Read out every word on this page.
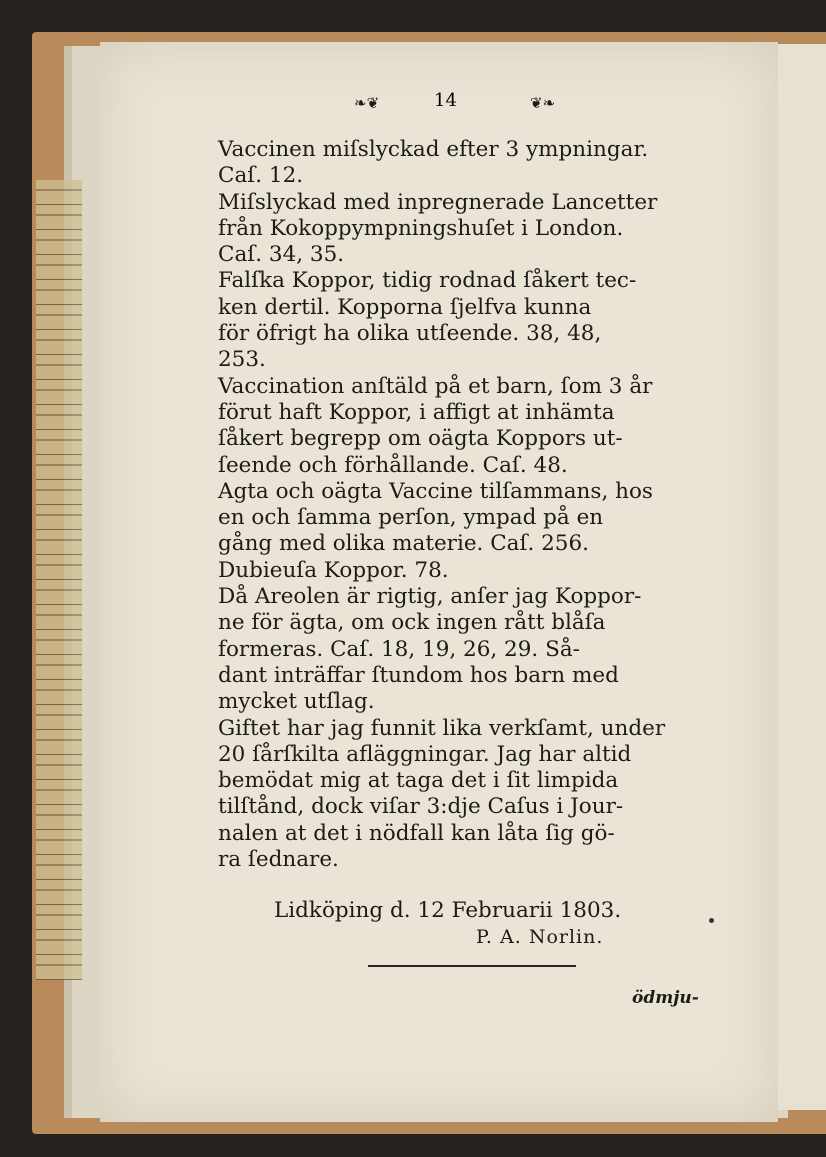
❧❦	14	❦❧
Vaccinen miſslyckad efter 3 ympningar.
Caſ. 12.
Miſslyckad med inpregnerade Lancetter
från Kokoppympningshuſet i London.
Caſ. 34, 35.
Falſka Koppor, tidig rodnad ſåkert tec-
ken dertil. Kopporna ſjelfva kunna
för öfrigt ha olika utſeende. 38, 48,
253.
Vaccination anſtäld på et barn, ſom 3 år
förut haft Koppor, i affigt at inhämta
ſåkert begrepp om oägta Koppors ut-
ſeende och förhållande. Caſ. 48.
Agta och oägta Vaccine tilſammans, hos
en och ſamma perſon, ympad på en
gång med olika materie. Caſ. 256.
Dubieuſa Koppor. 78.
Då Areolen är rigtig, anſer jag Koppor-
ne för ägta, om ock ingen rått blåſa
formeras. Caſ. 18, 19, 26, 29. Så-
dant inträffar ſtundom hos barn med
mycket utſlag.
Giftet har jag funnit lika verkſamt, under
20 ſårſkilta afläggningar. Jag har altid
bemödat mig at taga det i ſit limpida
tilſtånd, dock viſar 3:dje Caſus i Jour-
nalen at det i nödfall kan låta ſig gö-
ra ſednare.
Lidköping d. 12 Februarii 1803.
P. A. Norlin.
ödmju-
